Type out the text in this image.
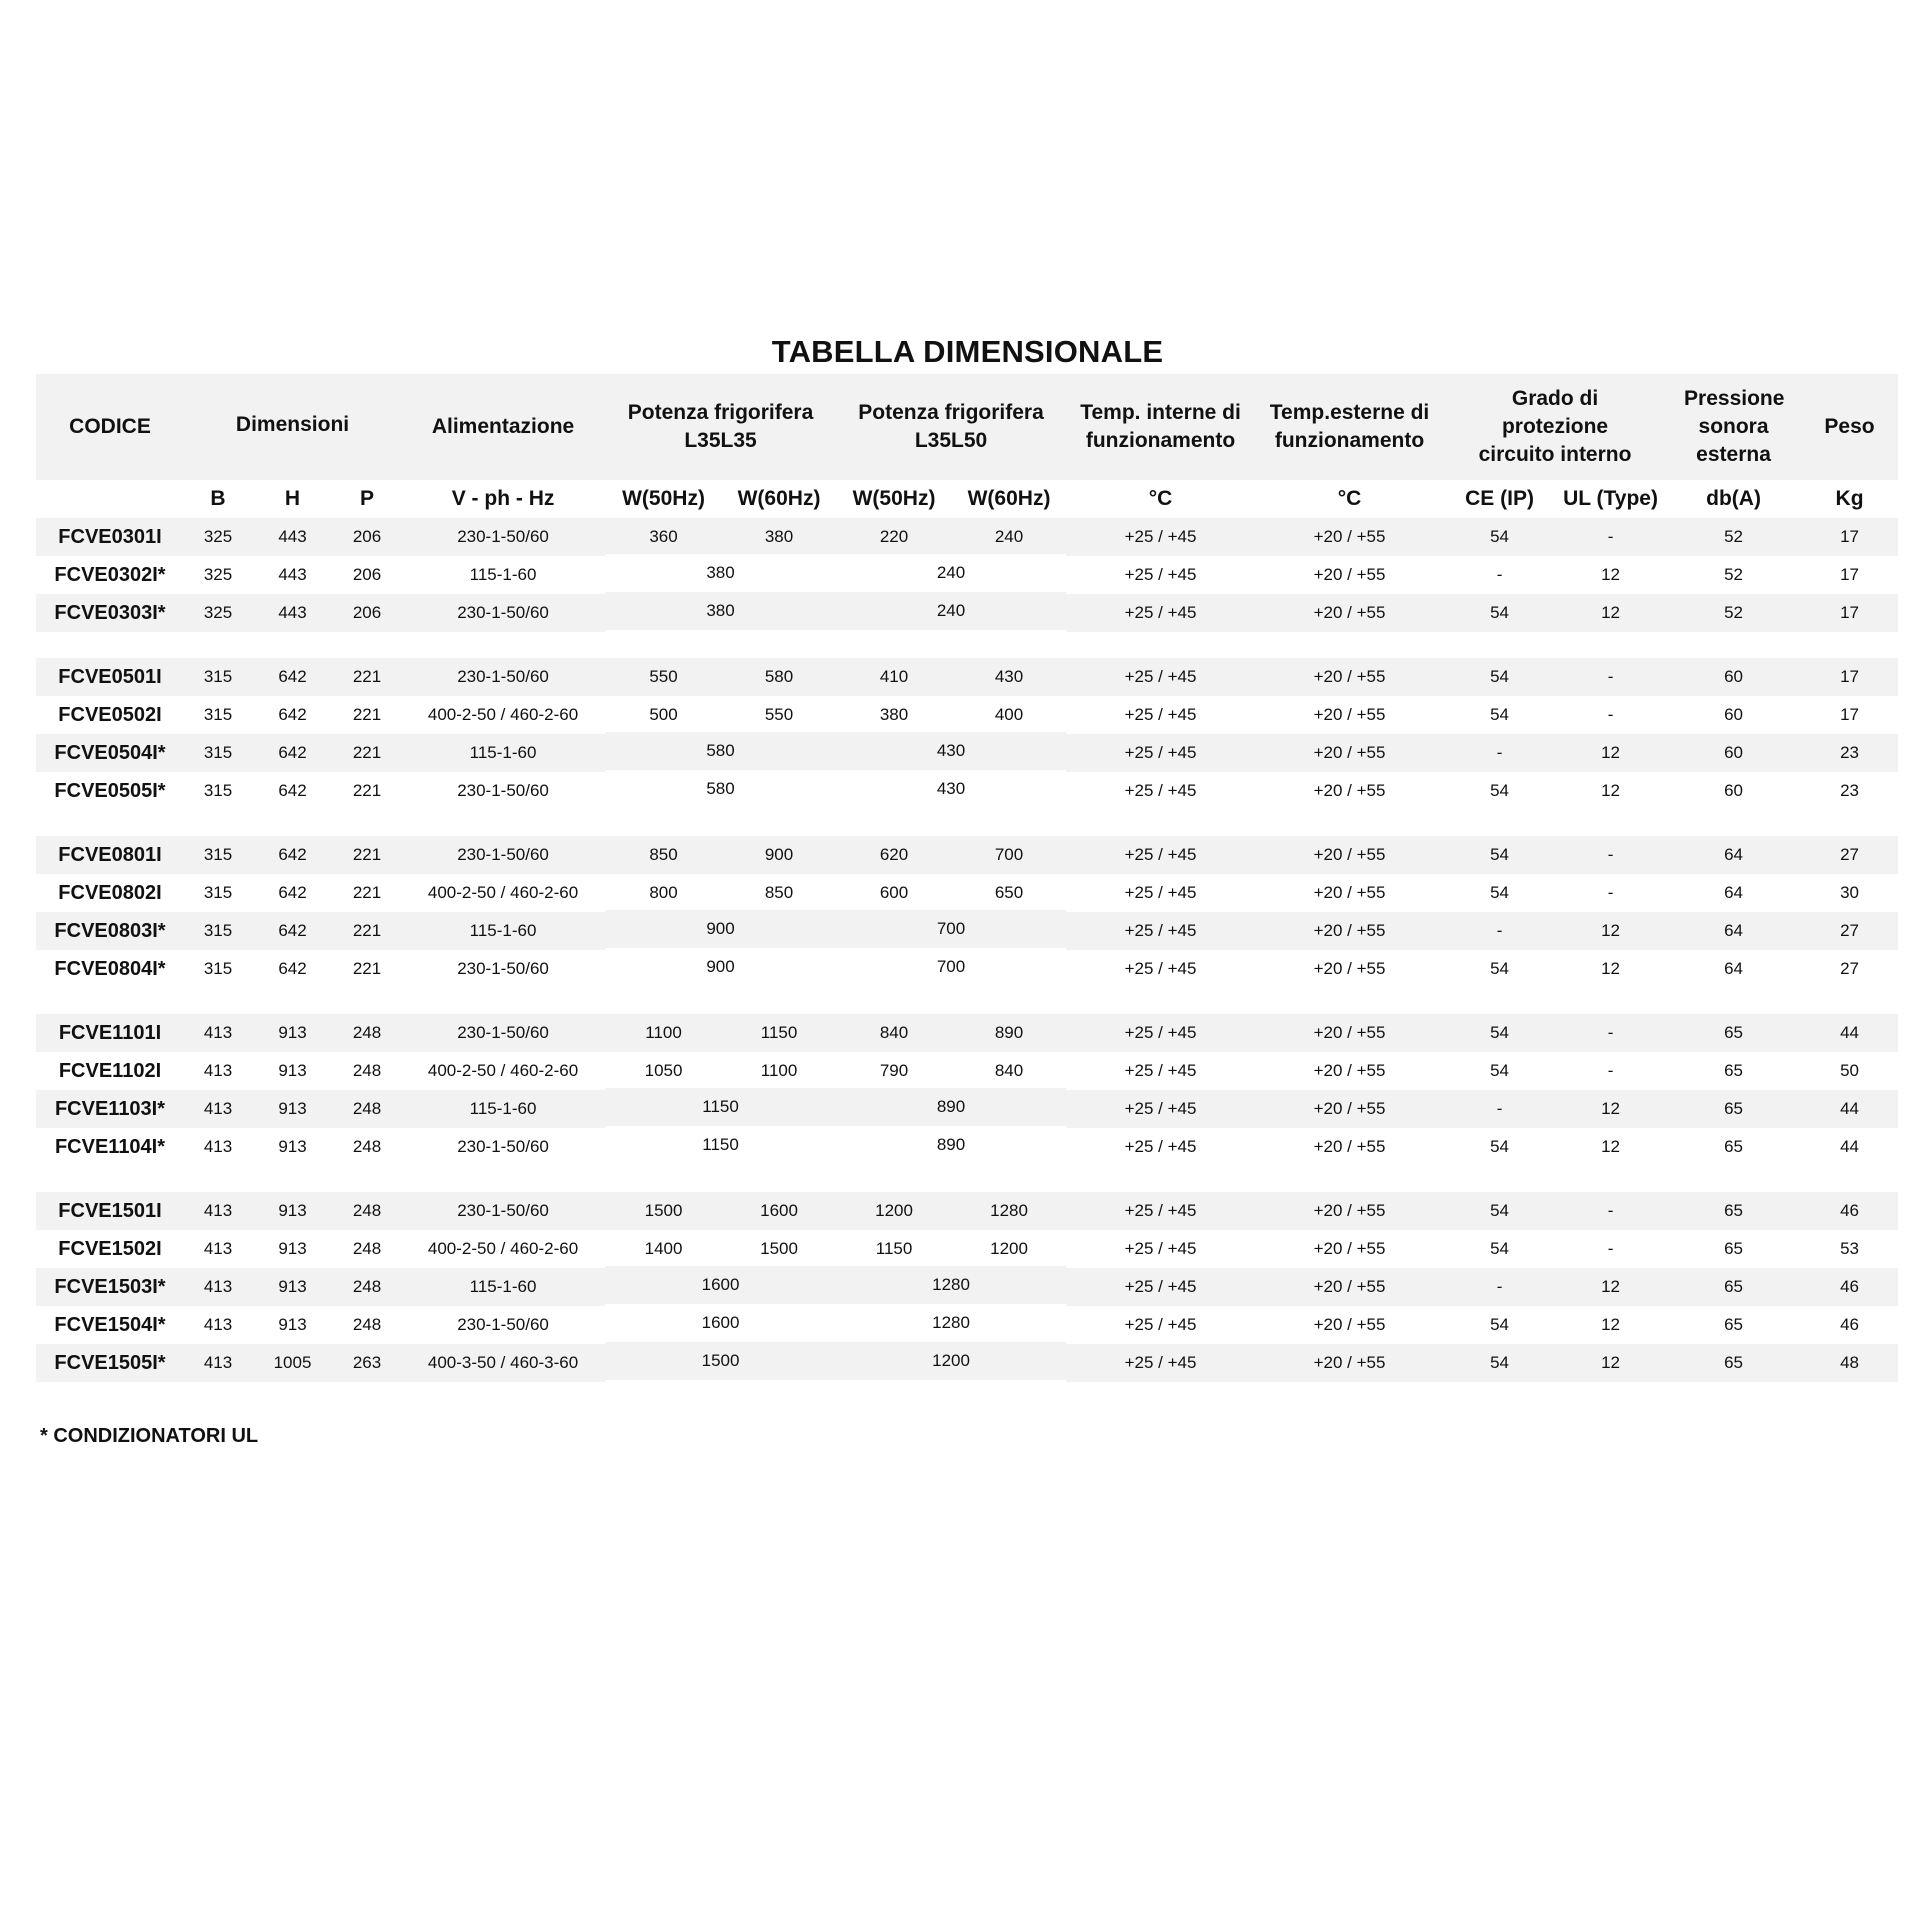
TABELLA DIMENSIONALE
CODICE	Dimensioni			Alimentazione	Potenza frigorifera L35L35		Potenza frigorifera L35L50		Temp. interne di funzionamento	Temp.esterne di funzionamento	Grado di protezione circuito interno		Pressione sonora esterna	Peso
	B	H	P	V - ph - Hz	W(50Hz)	W(60Hz)	W(50Hz)	W(60Hz)	°C	°C	CE (IP)	UL (Type)	db(A)	Kg
FCVE0301I	325	443	206	230-1-50/60	360	380	220	240	+25 / +45	+20 / +55	54	-	52	17
FCVE0302I*	325	443	206	115-1-60	380		240		+25 / +45	+20 / +55	-	12	52	17
FCVE0303I*	325	443	206	230-1-50/60	380		240		+25 / +45	+20 / +55	54	12	52	17

FCVE0501I	315	642	221	230-1-50/60	550	580	410	430	+25 / +45	+20 / +55	54	-	60	17
FCVE0502I	315	642	221	400-2-50 / 460-2-60	500	550	380	400	+25 / +45	+20 / +55	54	-	60	17
FCVE0504I*	315	642	221	115-1-60	580		430		+25 / +45	+20 / +55	-	12	60	23
FCVE0505I*	315	642	221	230-1-50/60	580		430		+25 / +45	+20 / +55	54	12	60	23

FCVE0801I	315	642	221	230-1-50/60	850	900	620	700	+25 / +45	+20 / +55	54	-	64	27
FCVE0802I	315	642	221	400-2-50 / 460-2-60	800	850	600	650	+25 / +45	+20 / +55	54	-	64	30
FCVE0803I*	315	642	221	115-1-60	900		700		+25 / +45	+20 / +55	-	12	64	27
FCVE0804I*	315	642	221	230-1-50/60	900		700		+25 / +45	+20 / +55	54	12	64	27

FCVE1101I	413	913	248	230-1-50/60	1100	1150	840	890	+25 / +45	+20 / +55	54	-	65	44
FCVE1102I	413	913	248	400-2-50 / 460-2-60	1050	1100	790	840	+25 / +45	+20 / +55	54	-	65	50
FCVE1103I*	413	913	248	115-1-60	1150		890		+25 / +45	+20 / +55	-	12	65	44
FCVE1104I*	413	913	248	230-1-50/60	1150		890		+25 / +45	+20 / +55	54	12	65	44

FCVE1501I	413	913	248	230-1-50/60	1500	1600	1200	1280	+25 / +45	+20 / +55	54	-	65	46
FCVE1502I	413	913	248	400-2-50 / 460-2-60	1400	1500	1150	1200	+25 / +45	+20 / +55	54	-	65	53
FCVE1503I*	413	913	248	115-1-60	1600		1280		+25 / +45	+20 / +55	-	12	65	46
FCVE1504I*	413	913	248	230-1-50/60	1600		1280		+25 / +45	+20 / +55	54	12	65	46
FCVE1505I*	413	1005	263	400-3-50 / 460-3-60	1500		1200		+25 / +45	+20 / +55	54	12	65	48
* CONDIZIONATORI UL
